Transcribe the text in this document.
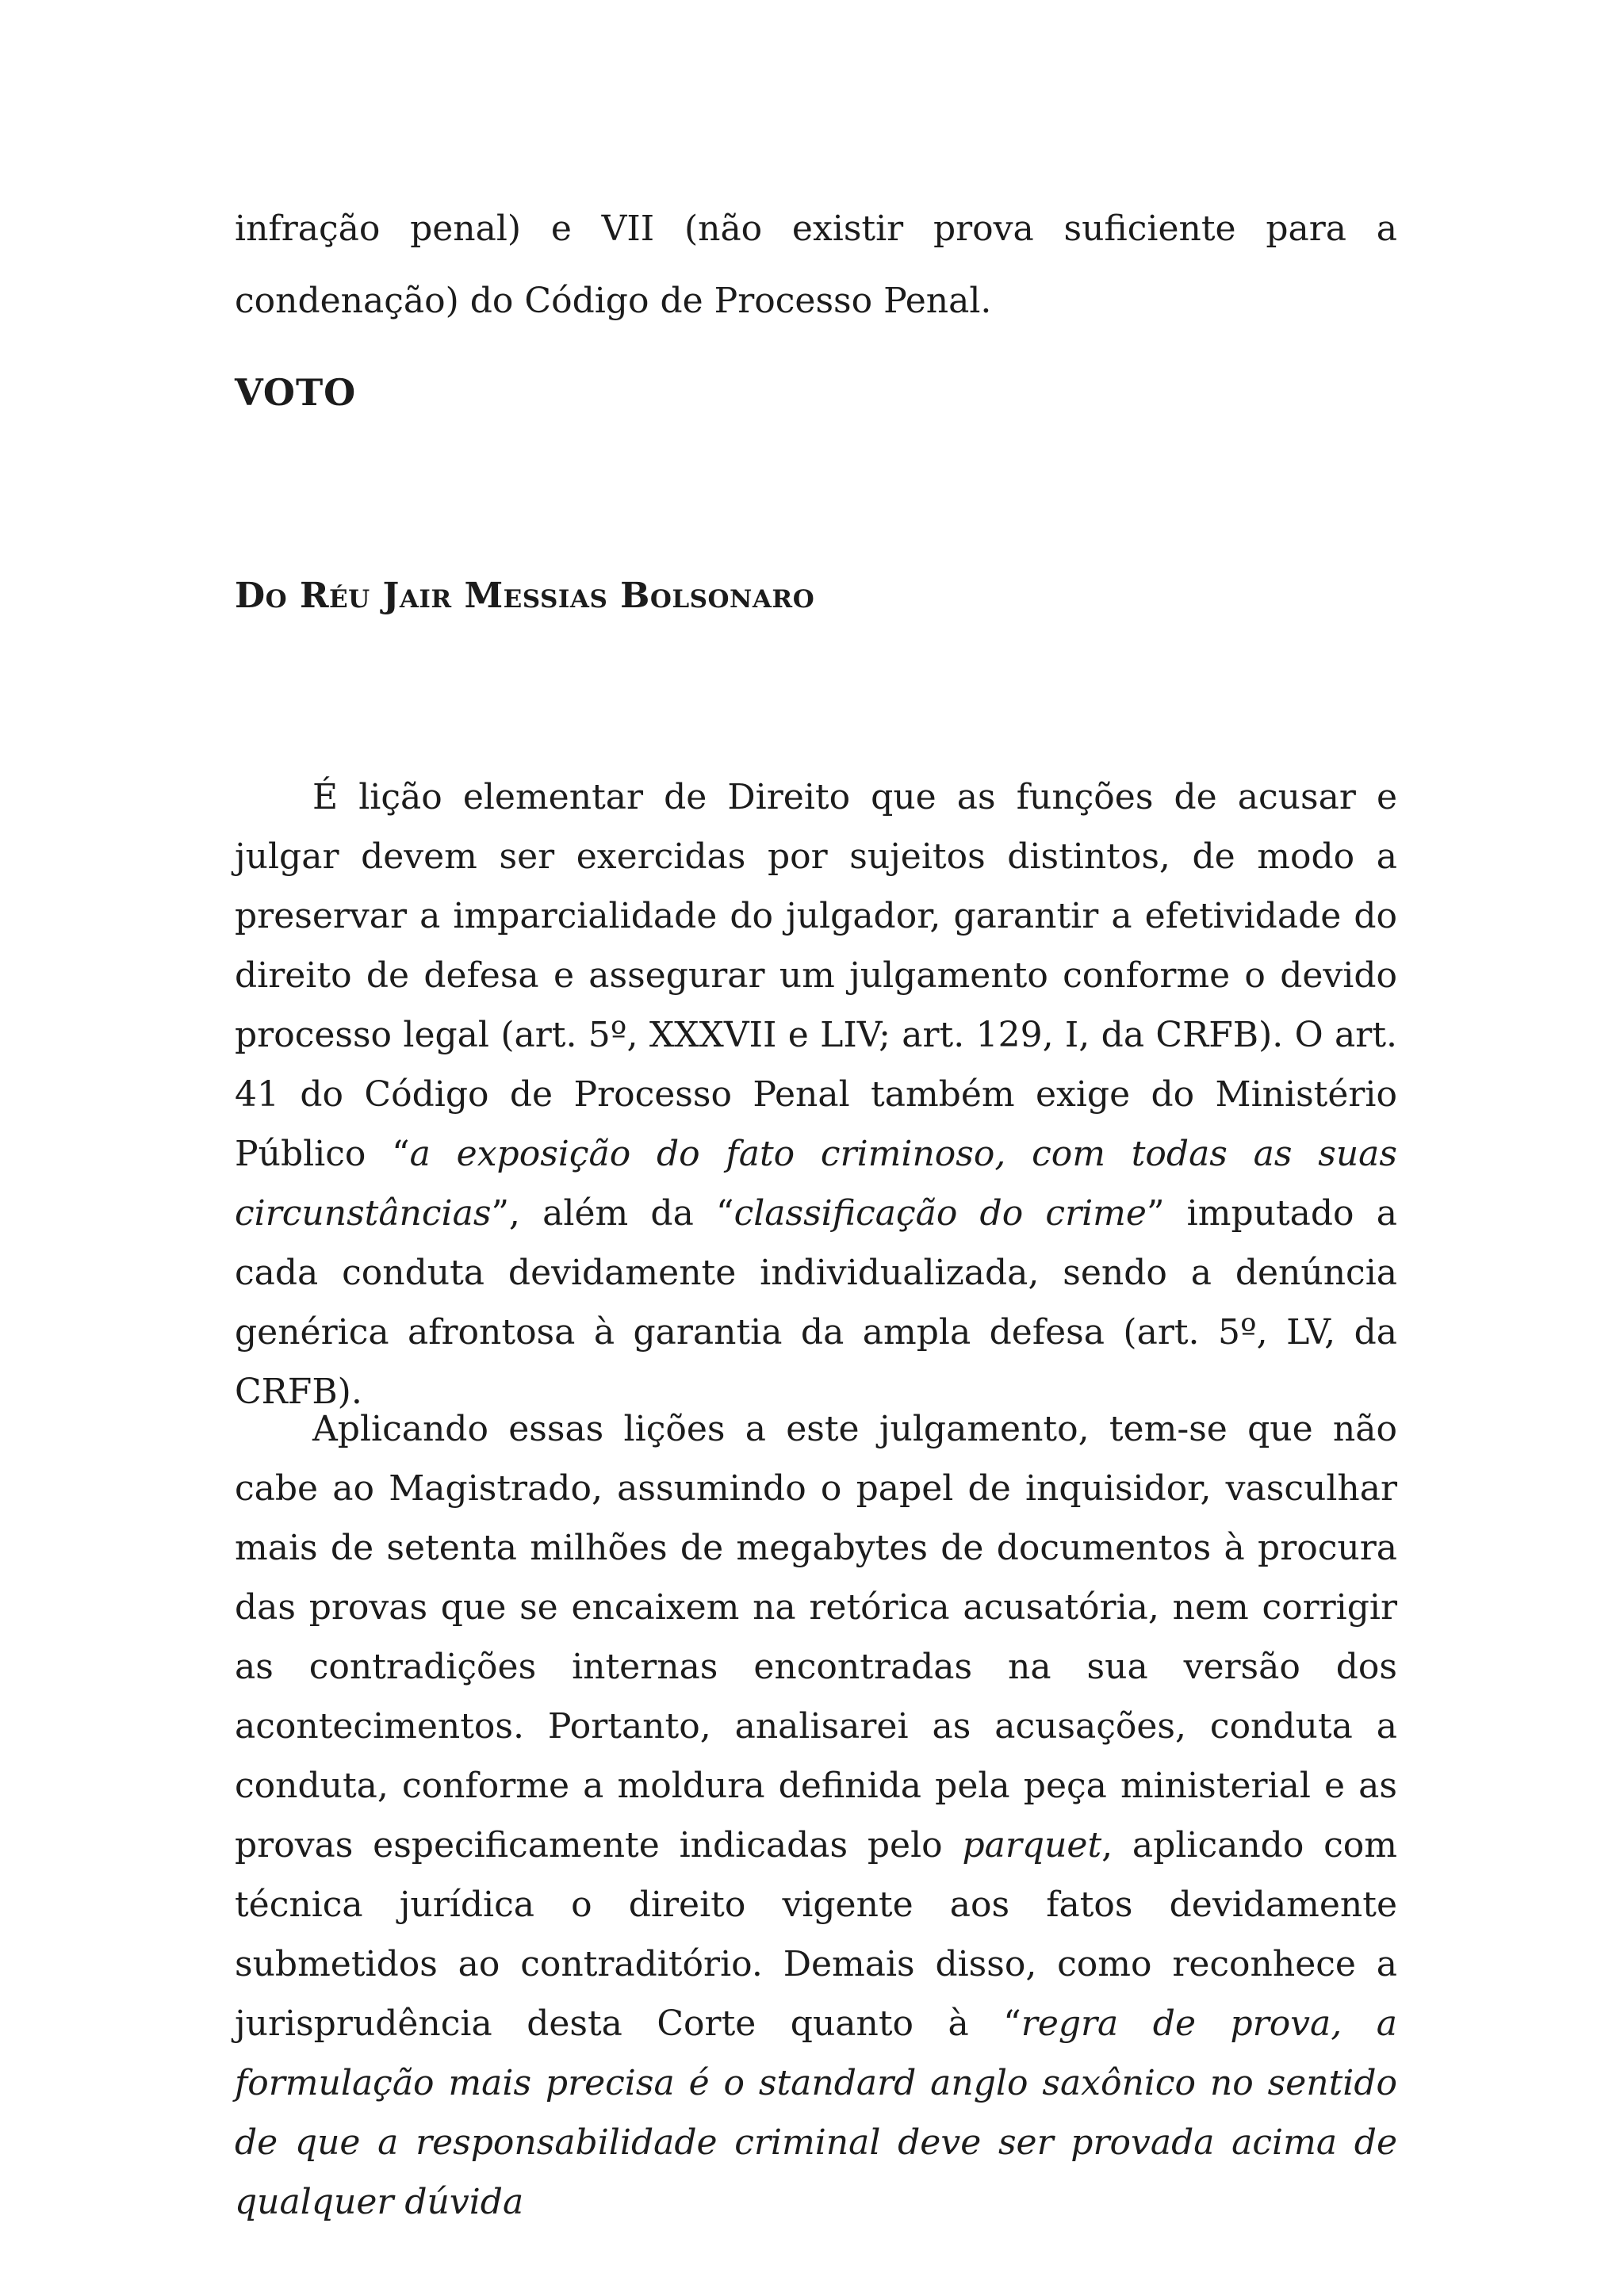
infração penal) e VII (não existir prova suficiente para a condenação) do Código de Processo Penal.

VOTO
Do Réu Jair Messias Bolsonaro

É lição elementar de Direito que as funções de acusar e julgar devem ser exercidas por sujeitos distintos, de modo a preservar a imparcialidade do julgador, garantir a efetividade do direito de defesa e assegurar um julgamento conforme o devido processo legal (art. 5º, XXXVII e LIV; art. 129, I, da CRFB). O art. 41 do Código de Processo Penal também exige do Ministério Público “a exposição do fato criminoso, com todas as suas circunstâncias”, além da “classificação do crime” imputado a cada conduta devidamente individualizada, sendo a denúncia genérica afrontosa à garantia da ampla defesa (art. 5º, LV, da CRFB).

Aplicando essas lições a este julgamento, tem-se que não cabe ao Magistrado, assumindo o papel de inquisidor, vasculhar mais de setenta milhões de megabytes de documentos à procura das provas que se encaixem na retórica acusatória, nem corrigir as contradições internas encontradas na sua versão dos acontecimentos. Portanto, analisarei as acusações, conduta a conduta, conforme a moldura definida pela peça ministerial e as provas especificamente indicadas pelo parquet, aplicando com técnica jurídica o direito vigente aos fatos devidamente submetidos ao contraditório. Demais disso, como reconhece a jurisprudência desta Corte quanto à “regra de prova, a formulação mais precisa é o standard anglo saxônico no sentido de que a responsabilidade criminal deve ser provada acima de qualquer dúvida
